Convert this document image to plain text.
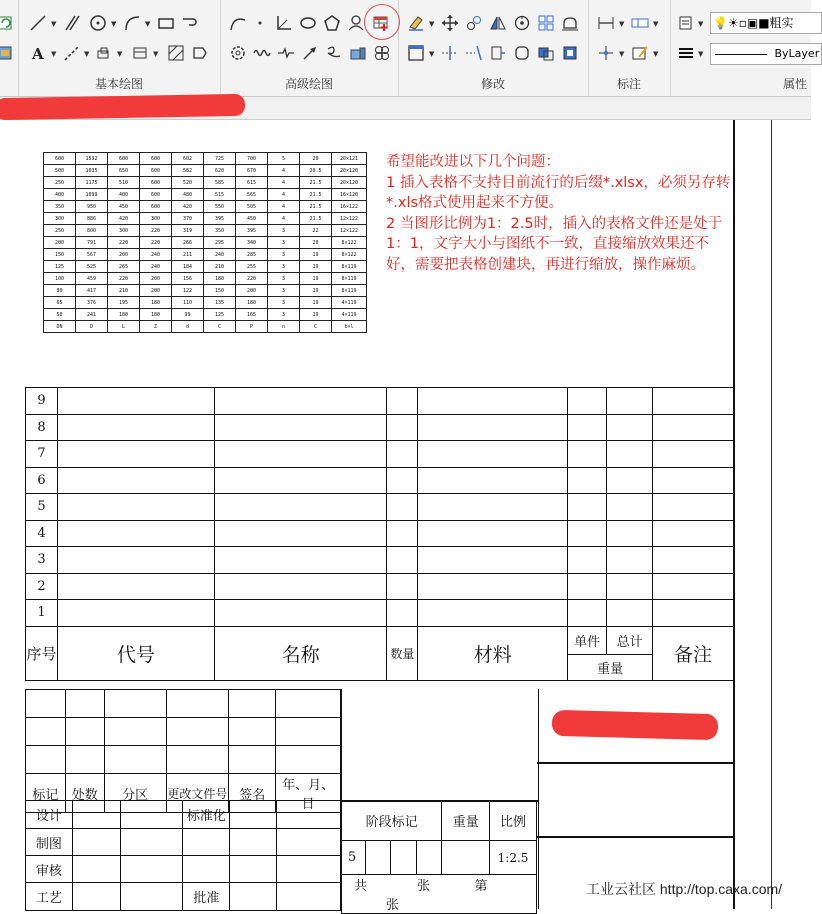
▼	▼	▼
A ▼	▼	▼	▼
基本绘图	高级绘图
▼
▼
修改
▼	▼
▼	▼
标注
▼ 💡☀▫▣■粗实
▼	ByLayer
属性
600	1592	600	600	602	725	700	5	20	20×121
500	1035	650	600	582	620	670	4	20.5	20×120
250	1175	510	600	520	585	615	4	21.5	20×120
400	1099	400	600	480	515	565	4	21.5	16×120
350	950	450	600	420	550	505	4	21.5	16×122
300	886	420	300	370	395	450	4	21.5	12×122
250	800	300	220	319	350	395	3	22	12×122
200	791	220	220	266	295	340	3	20	8×122
150	567	200	240	211	240	285	3	19	8×122
125	525	265	240	184	210	255	3	19	8×119
100	459	220	200	156	180	220	3	19	8×119
80	417	210	200	122	150	200	3	19	8×119
65	376	195	180	110	135	180	3	19	4×119
50	241	180	180	99	125	165	3	19	4×119
DN	D	L	Z	d	C	P	n	C	b×l
希望能改进以下几个问题：
1 插入表格不支持目前流行的后缀*.xlsx，必须另存转*.xls格式使用起来不方便。
2 当图形比例为1：2.5时，插入的表格文件还是处于1：1，文字大小与图纸不一致，直接缩放效果还不好，需要把表格创建块，再进行缩放，操作麻烦。
9							
8							
7							
6							
5							
4							
3							
2							
1							
序号	代号	名称	数量	材料	单件	总计	备注
					重量		

标记	处数	分区	更改文件号	签名	年、月、日
设计			标准化		
制图					
审核					
工艺			批准		
阶段标记				重量	比例
5					1:2.5
共 张 第 张					
工业云社区 http://top.caxa.com/
